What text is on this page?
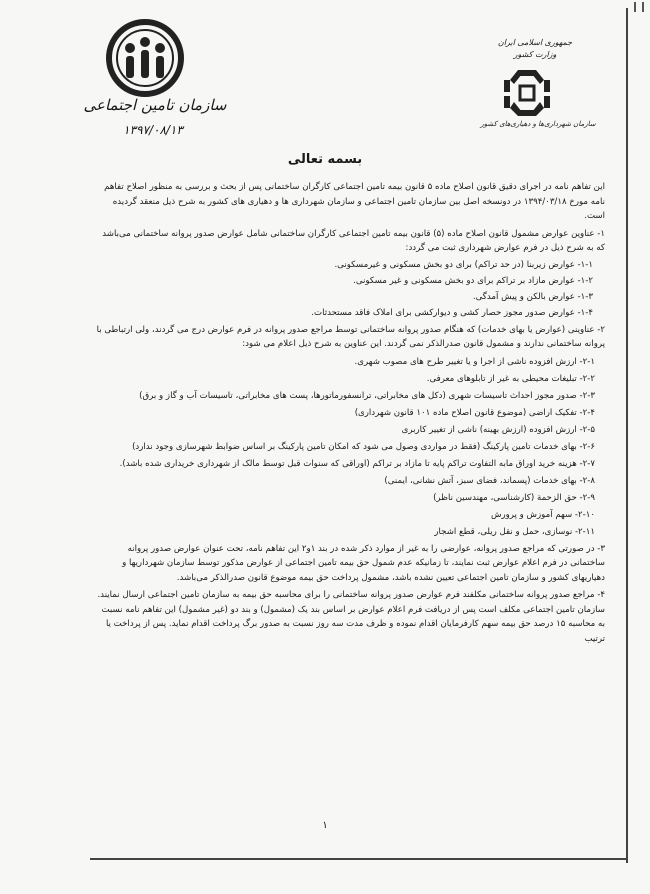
سازمان تامین اجتماعی
۱۳۹۷/۰۸/۱۳
جمهوری اسلامی ایران
وزارت کشور
سازمان شهرداری‌ها و دهیاری‌های کشور
بسمه تعالی

این تفاهم نامه در اجرای دقیق قانون اصلاح ماده ۵ قانون بیمه تامین اجتماعی کارگران ساختمانی پس از بحث و بررسی به منظور اصلاح تفاهم نامه مورخ ۱۳۹۴/۰۳/۱۸ در دونسخه اصل بین سازمان تامین اجتماعی و سازمان شهرداری ها و دهیاری های کشور به شرح ذیل منعقد گردیده است.

۱- عناوین عوارض مشمول قانون اصلاح ماده (۵) قانون بیمه تامین اجتماعی کارگران ساختمانی شامل عوارض صدور پروانه ساختمانی می‌باشد که به شرح ذیل در فرم عوارض شهرداری ثبت می گردد:

۱-۱- عوارض زیربنا (در حد تراکم) برای دو بخش مسکونی و غیرمسکونی.

۱-۲- عوارض مازاد بر تراکم برای دو بخش مسکونی و غیر مسکونی.

۱-۳- عوارض بالکن و پیش آمدگی.

۱-۴- عوارض صدور مجوز حصار کشی و دیوارکشی برای املاک فاقد مستحدثات.

۲- عناوینی (عوارض یا بهای خدمات) که هنگام صدور پروانه ساختمانی توسط مراجع صدور پروانه در فرم عوارض درج می گردند، ولی ارتباطی با پروانه ساختمانی ندارند و مشمول قانون صدرالذکر نمی گردند. این عناوین به شرح ذیل اعلام می شود:

۲-۱- ارزش افزوده ناشی از اجرا و یا تغییر طرح های مصوب شهری.

۲-۲- تبلیغات محیطی به غیر از تابلوهای معرفی.

۲-۳- صدور مجوز احداث تاسیسات شهری (دکل های مخابراتی، ترانسفورماتورها، پست های مخابراتی، تاسیسات آب و گاز و برق)

۲-۴- تفکیک اراضی (موضوع قانون اصلاح ماده ۱۰۱ قانون شهرداری)

۲-۵- ارزش افزوده (ارزش بهینه) ناشی از تغییر کاربری

۲-۶- بهای خدمات تامین پارکینگ (فقط در مواردی وصول می شود که امکان تامین پارکینگ بر اساس ضوابط شهرسازی وجود ندارد)

۲-۷- هزینه خرید اوراق مابه التفاوت تراکم پایه تا مازاد بر تراکم (اوراقی که سنوات قبل توسط مالک از شهرداری خریداری شده باشد).

۲-۸- بهای خدمات (پسماند، فضای سبز، آتش نشانی، ایمنی)

۲-۹- حق الزحمة (کارشناسی، مهندسین ناظر)

۲-۱۰- سهم آموزش و پرورش

۲-۱۱- نوسازی، حمل و نقل ریلی، قطع اشجار

۳- در صورتی که مراجع صدور پروانه، عوارضی را به غیر از موارد ذکر شده در بند ۱و۲ این تفاهم نامه، تحت عنوان عوارض صدور پروانه ساختمانی در فرم اعلام عوارض ثبت نمایند، تا زمانیکه عدم شمول حق بیمه تامین اجتماعی از عوارض مذکور توسط سازمان شهرداریها و دهیاریهای کشور و سازمان تامین اجتماعی تعیین نشده باشد، مشمول پرداخت حق بیمه موضوع قانون صدرالذکر می‌باشد.

۴- مراجع صدور پروانه ساختمانی مکلفند فرم عوارض صدور پروانه ساختمانی را برای محاسبه حق بیمه به سازمان تامین اجتماعی ارسال نمایند. سازمان تامین اجتماعی مکلف است پس از دریافت فرم اعلام عوارض بر اساس بند یک (مشمول) و بند دو (غیر مشمول) این تفاهم نامه نسبت به محاسبه ۱۵ درصد حق بیمه سهم کارفرمایان اقدام نموده و ظرف مدت سه روز نسبت به صدور برگ پرداخت اقدام نماید. پس از پرداخت یا ترتیب

۱
